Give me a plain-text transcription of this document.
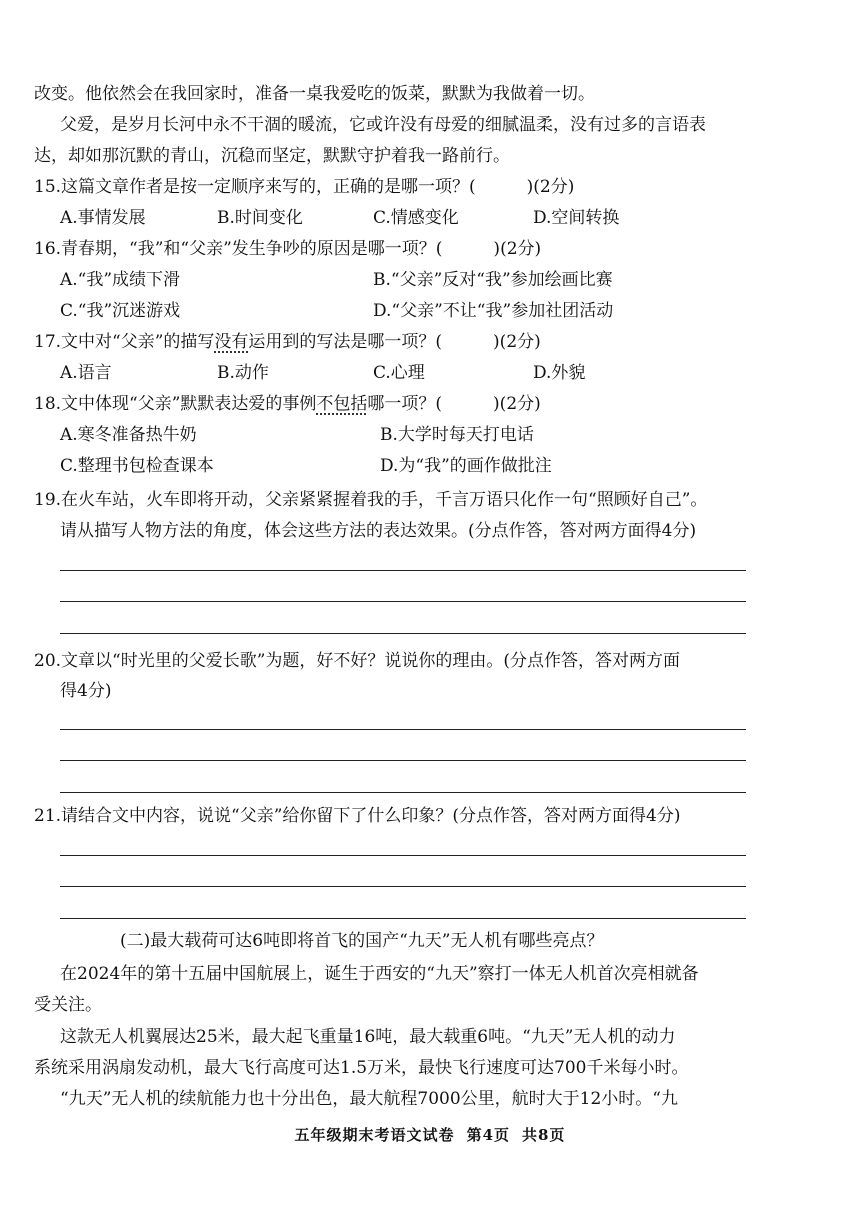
改变。他依然会在我回家时，准备一桌我爱吃的饭菜，默默为我做着一切。
父爱，是岁月长河中永不干涸的暖流，它或许没有母爱的细腻温柔，没有过多的言语表
达，却如那沉默的青山，沉稳而坚定，默默守护着我一路前行。
15.这篇文章作者是按一定顺序来写的，正确的是哪一项？(　　　)(2分)
A.事情发展	B.时间变化	C.情感变化	D.空间转换
16.青春期，“我”和“父亲”发生争吵的原因是哪一项？(　　　)(2分)
A.“我”成绩下滑	B.“父亲”反对“我”参加绘画比赛
C.“我”沉迷游戏	D.“父亲”不让“我”参加社团活动
17.文中对“父亲”的描写没有运用到的写法是哪一项？(　　　)(2分)
A.语言	B.动作	C.心理	D.外貌
18.文中体现“父亲”默默表达爱的事例不包括哪一项？(　　　)(2分)
A.寒冬准备热牛奶	B.大学时每天打电话
C.整理书包检查课本	D.为“我”的画作做批注
19.在火车站，火车即将开动，父亲紧紧握着我的手，千言万语只化作一句“照顾好自己”。
请从描写人物方法的角度，体会这些方法的表达效果。(分点作答，答对两方面得4分)
20.文章以“时光里的父爱长歌”为题，好不好？说说你的理由。(分点作答，答对两方面
得4分)
21.请结合文中内容，说说“父亲”给你留下了什么印象？(分点作答，答对两方面得4分)
(二)最大载荷可达6吨即将首飞的国产“九天”无人机有哪些亮点？
在2024年的第十五届中国航展上，诞生于西安的“九天”察打一体无人机首次亮相就备
受关注。
这款无人机翼展达25米，最大起飞重量16吨，最大载重6吨。“九天”无人机的动力
系统采用涡扇发动机，最大飞行高度可达1.5万米，最快飞行速度可达700千米每小时。
“九天”无人机的续航能力也十分出色，最大航程7000公里，航时大于12小时。“九
五年级期末考语文试卷 第4页 共8页
